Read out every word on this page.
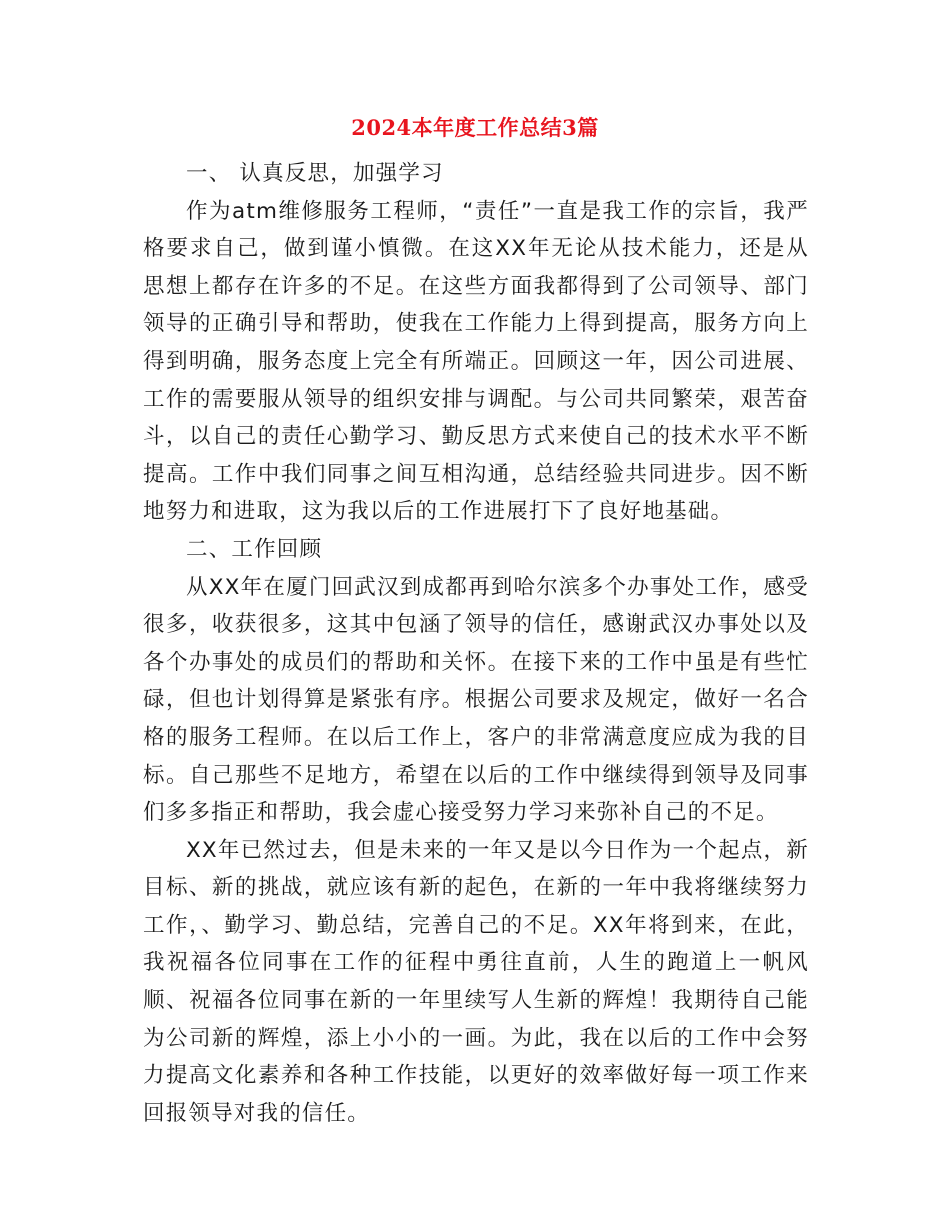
2024本年度工作总结3篇

一、 认真反思，加强学习

作为atm维修服务工程师，“责任”一直是我工作的宗旨，我严格要求自己，做到谨小慎微。在这XX年无论从技术能力，还是从思想上都存在许多的不足。在这些方面我都得到了公司领导、部门领导的正确引导和帮助，使我在工作能力上得到提高，服务方向上得到明确，服务态度上完全有所端正。回顾这一年，因公司进展、工作的需要服从领导的组织安排与调配。与公司共同繁荣，艰苦奋斗，以自己的责任心勤学习、勤反思方式来使自己的技术水平不断提高。工作中我们同事之间互相沟通，总结经验共同进步。因不断地努力和进取，这为我以后的工作进展打下了良好地基础。

二、工作回顾

从XX年在厦门回武汉到成都再到哈尔滨多个办事处工作，感受很多，收获很多，这其中包涵了领导的信任，感谢武汉办事处以及各个办事处的成员们的帮助和关怀。在接下来的工作中虽是有些忙碌，但也计划得算是紧张有序。根据公司要求及规定，做好一名合格的服务工程师。在以后工作上，客户的非常满意度应成为我的目标。自己那些不足地方，希望在以后的工作中继续得到领导及同事们多多指正和帮助，我会虚心接受努力学习来弥补自己的不足。

XX年已然过去，但是未来的一年又是以今日作为一个起点，新目标、新的挑战，就应该有新的起色，在新的一年中我将继续努力工作，、勤学习、勤总结，完善自己的不足。XX年将到来，在此，我祝福各位同事在工作的征程中勇往直前，人生的跑道上一帆风顺、祝福各位同事在新的一年里续写人生新的辉煌！我期待自己能为公司新的辉煌，添上小小的一画。为此，我在以后的工作中会努力提高文化素养和各种工作技能，以更好的效率做好每一项工作来回报领导对我的信任。
